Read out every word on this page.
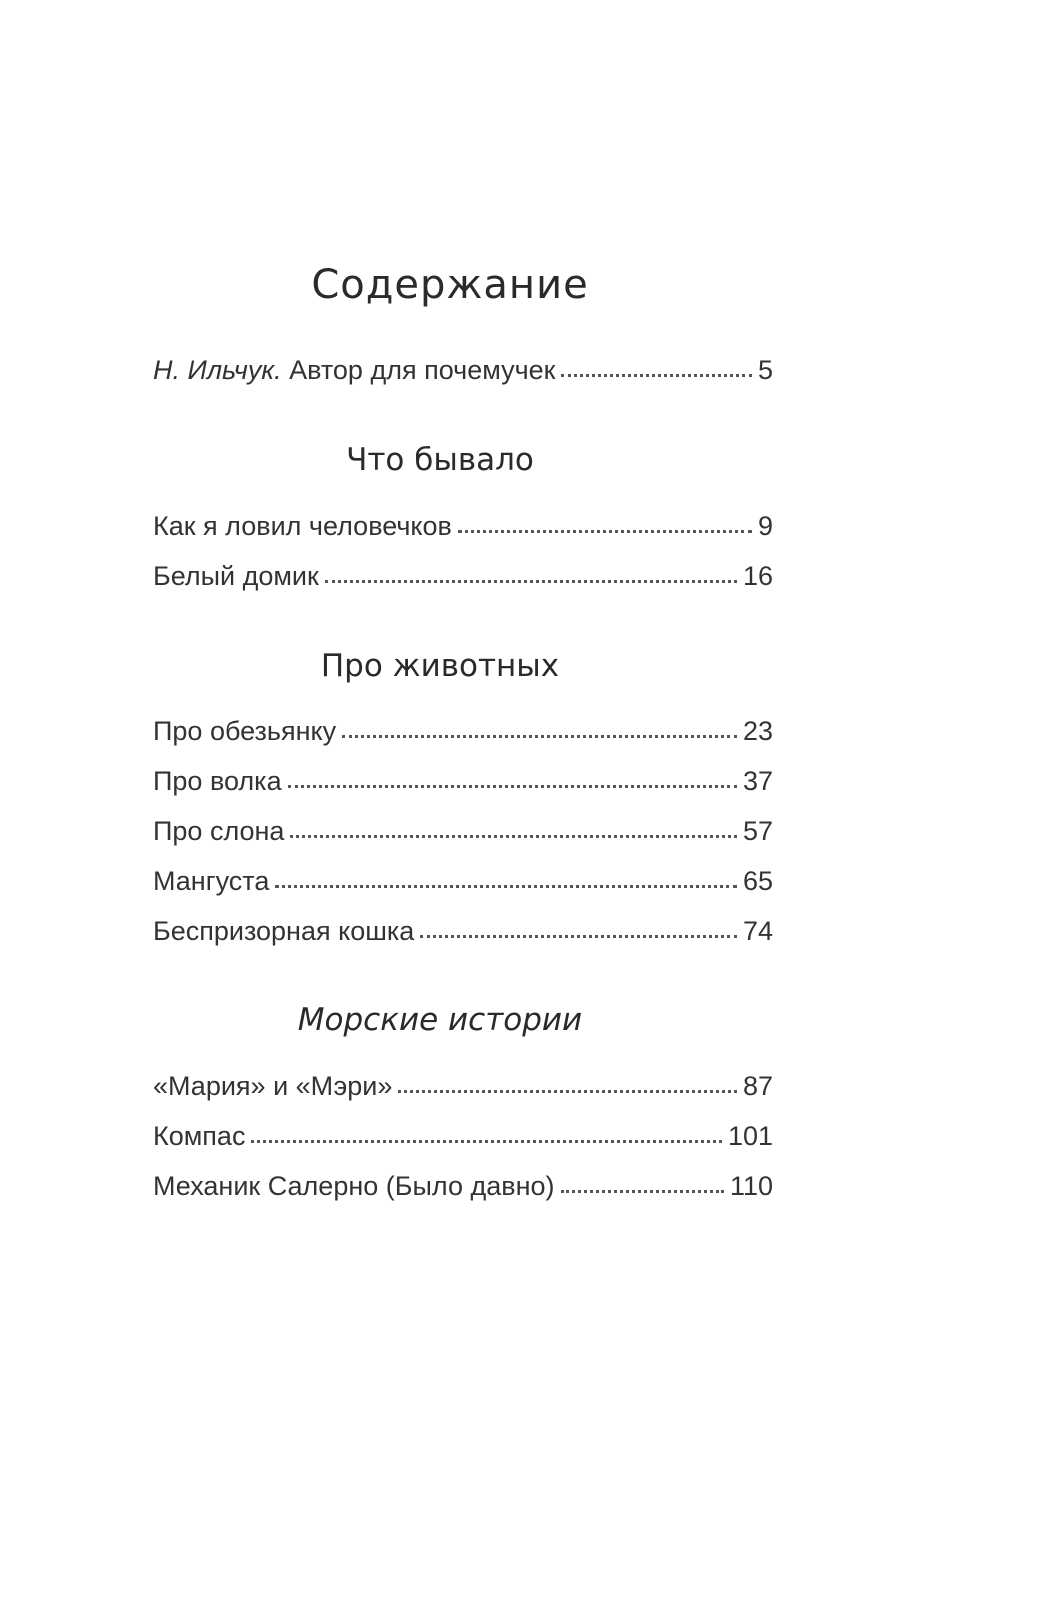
Содержание
Н. Ильчук. Автор для почемучек	5
Что бывало
Как я ловил человечков	9
Белый домик	16
Про животных
Про обезьянку	23
Про волка	37
Про слона	57
Мангуста	65
Беспризорная кошка	74
Морские истории
«Мария» и «Мэри»	87
Компас	101
Механик Салерно (Было давно)	110
